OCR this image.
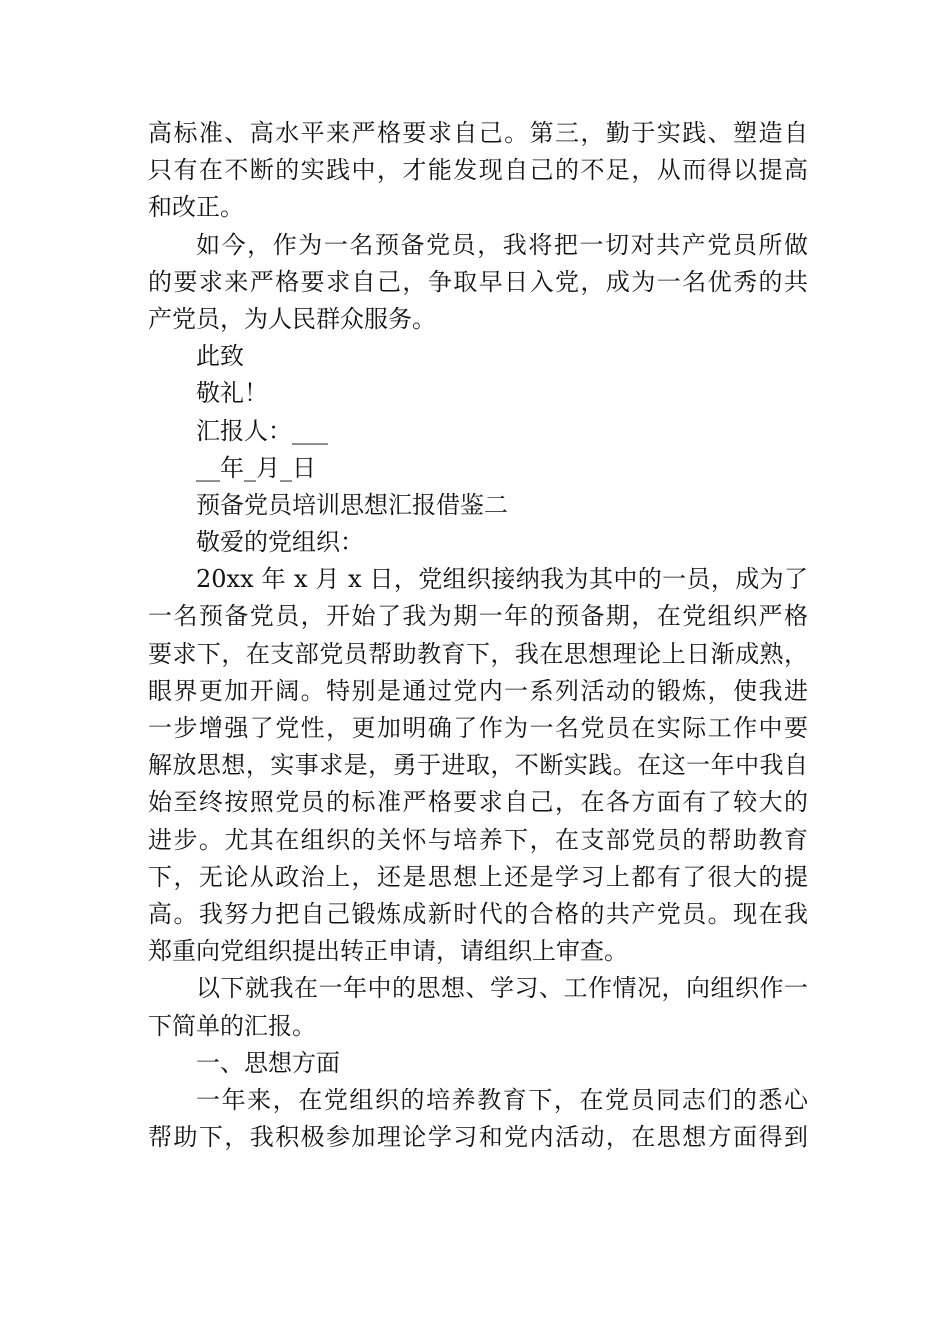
高标准、高水平来严格要求自己。第三，勤于实践、塑造自
只有在不断的实践中，才能发现自己的不足，从而得以提高
和改正。
如今，作为一名预备党员，我将把一切对共产党员所做
的要求来严格要求自己，争取早日入党，成为一名优秀的共
产党员，为人民群众服务。
此致
敬礼！
汇报人：___
__年_月_日
预备党员培训思想汇报借鉴二
敬爱的党组织：
20xx 年 x 月 x 日，党组织接纳我为其中的一员，成为了
一名预备党员，开始了我为期一年的预备期，在党组织严格
要求下，在支部党员帮助教育下，我在思想理论上日渐成熟，
眼界更加开阔。特别是通过党内一系列活动的锻炼，使我进
一步增强了党性，更加明确了作为一名党员在实际工作中要
解放思想，实事求是，勇于进取，不断实践。在这一年中我自
始至终按照党员的标准严格要求自己，在各方面有了较大的
进步。尤其在组织的关怀与培养下，在支部党员的帮助教育
下，无论从政治上，还是思想上还是学习上都有了很大的提
高。我努力把自己锻炼成新时代的合格的共产党员。现在我
郑重向党组织提出转正申请，请组织上审查。
以下就我在一年中的思想、学习、工作情况，向组织作一
下简单的汇报。
一、思想方面
一年来，在党组织的培养教育下，在党员同志们的悉心
帮助下，我积极参加理论学习和党内活动，在思想方面得到
